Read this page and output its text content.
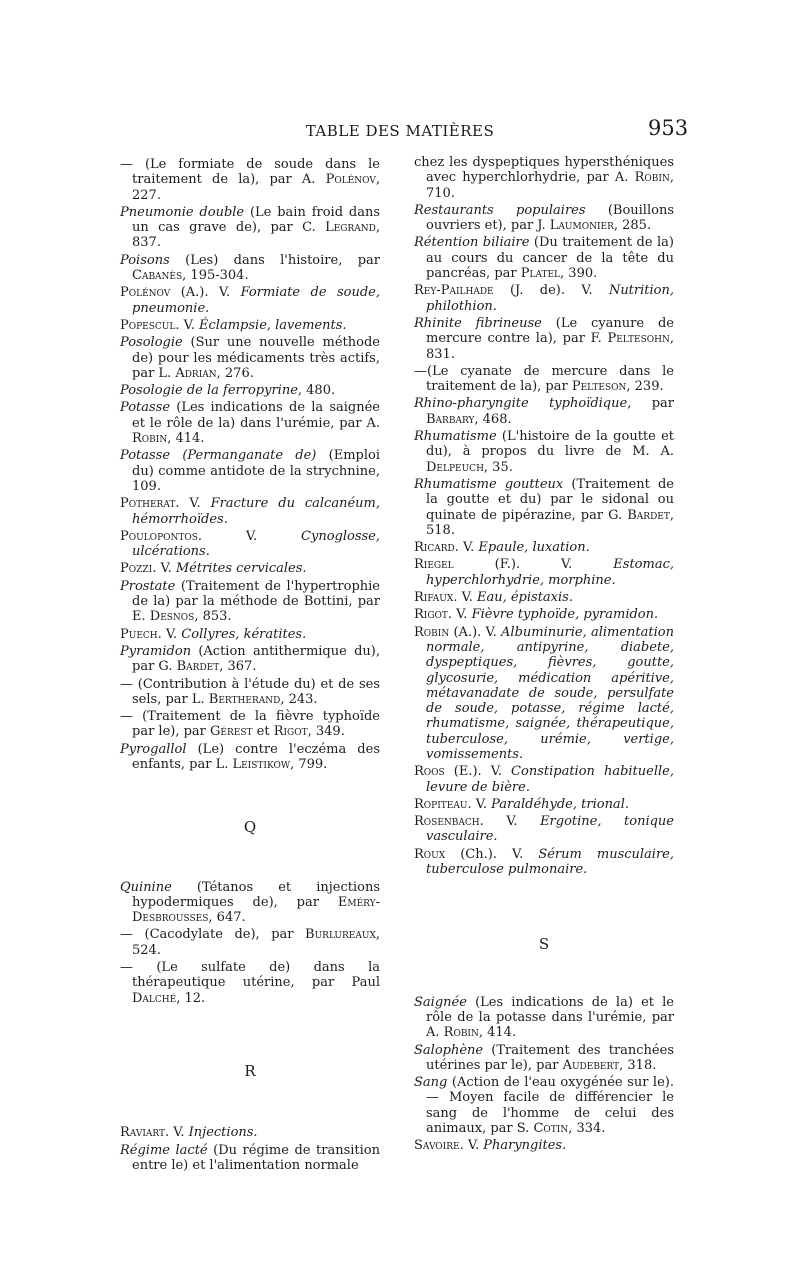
TABLE DES MATIÈRES	953
— (Le formiate de soude dans le traitement de la), par A. Polénov, 227.
Pneumonie double (Le bain froid dans un cas grave de), par C. Legrand, 837.
Poisons (Les) dans l'histoire, par Cabanès, 195-304.
Polénov (A.). V. Formiate de soude, pneumonie.
Popescul. V. Éclampsie, lavements.
Posologie (Sur une nouvelle méthode de) pour les médicaments très actifs, par L. Adrian, 276.
Posologie de la ferropyrine, 480.
Potasse (Les indications de la saignée et le rôle de la) dans l'urémie, par A. Robin, 414.
Potasse (Permanganate de) (Emploi du) comme antidote de la strychnine, 109.
Potherat. V. Fracture du calcanéum, hémorrhoïdes.
Poulopontos. V. Cynoglosse, ulcérations.
Pozzi. V. Métrites cervicales.
Prostate (Traitement de l'hypertrophie de la) par la méthode de Bottini, par E. Desnos, 853.
Puech. V. Collyres, kératites.
Pyramidon (Action antithermique du), par G. Bardet, 367.
— (Contribution à l'étude du) et de ses sels, par L. Bertherand, 243.
— (Traitement de la fièvre typhoïde par le), par Gérest et Rigot, 349.
Pyrogallol (Le) contre l'eczéma des enfants, par L. Leistikow, 799.
Q
Quinine (Tétanos et injections hypodermiques de), par Eméry-Desbrousses, 647.
— (Cacodylate de), par Burlureaux, 524.
— (Le sulfate de) dans la thérapeutique utérine, par Paul Dalché, 12.
R
Raviart. V. Injections.
Régime lacté (Du régime de transition entre le) et l'alimentation normale
chez les dyspeptiques hypersthéniques avec hyperchlorhydrie, par A. Robin, 710.
Restaurants populaires (Bouillons ouvriers et), par J. Laumonier, 285.
Rétention biliaire (Du traitement de la) au cours du cancer de la tête du pancréas, par Platel, 390.
Rey-Pailhade (J. de). V. Nutrition, philothion.
Rhinite fibrineuse (Le cyanure de mercure contre la), par F. Peltesohn, 831.
—(Le cyanate de mercure dans le traitement de la), par Pelteson, 239.
Rhino-pharyngite typhoïdique, par Barbary, 468.
Rhumatisme (L'histoire de la goutte et du), à propos du livre de M. A. Delpeuch, 35.
Rhumatisme goutteux (Traitement de la goutte et du) par le sidonal ou quinate de pipérazine, par G. Bardet, 518.
Ricard. V. Epaule, luxation.
Riegel (F.). V. Estomac, hyperchlorhydrie, morphine.
Rifaux. V. Eau, épistaxis.
Rigot. V. Fièvre typhoïde, pyramidon.
Robin (A.). V. Albuminurie, alimentation normale, antipyrine, diabete, dyspeptiques, fièvres, goutte, glycosurie, médication apéritive, métavanadate de soude, persulfate de soude, potasse, régime lacté, rhumatisme, saignée, thérapeutique, tuberculose, urémie, vertige, vomissements.
Roos (E.). V. Constipation habituelle, levure de bière.
Ropiteau. V. Paraldéhyde, trional.
Rosenbach. V. Ergotine, tonique vasculaire.
Roux (Ch.). V. Sérum musculaire, tuberculose pulmonaire.
S
Saignée (Les indications de la) et le rôle de la potasse dans l'urémie, par A. Robin, 414.
Salophène (Traitement des tranchées utérines par le), par Audebert, 318.
Sang (Action de l'eau oxygénée sur le). — Moyen facile de différencier le sang de l'homme de celui des animaux, par S. Cotin, 334.
Savoire. V. Pharyngites.
